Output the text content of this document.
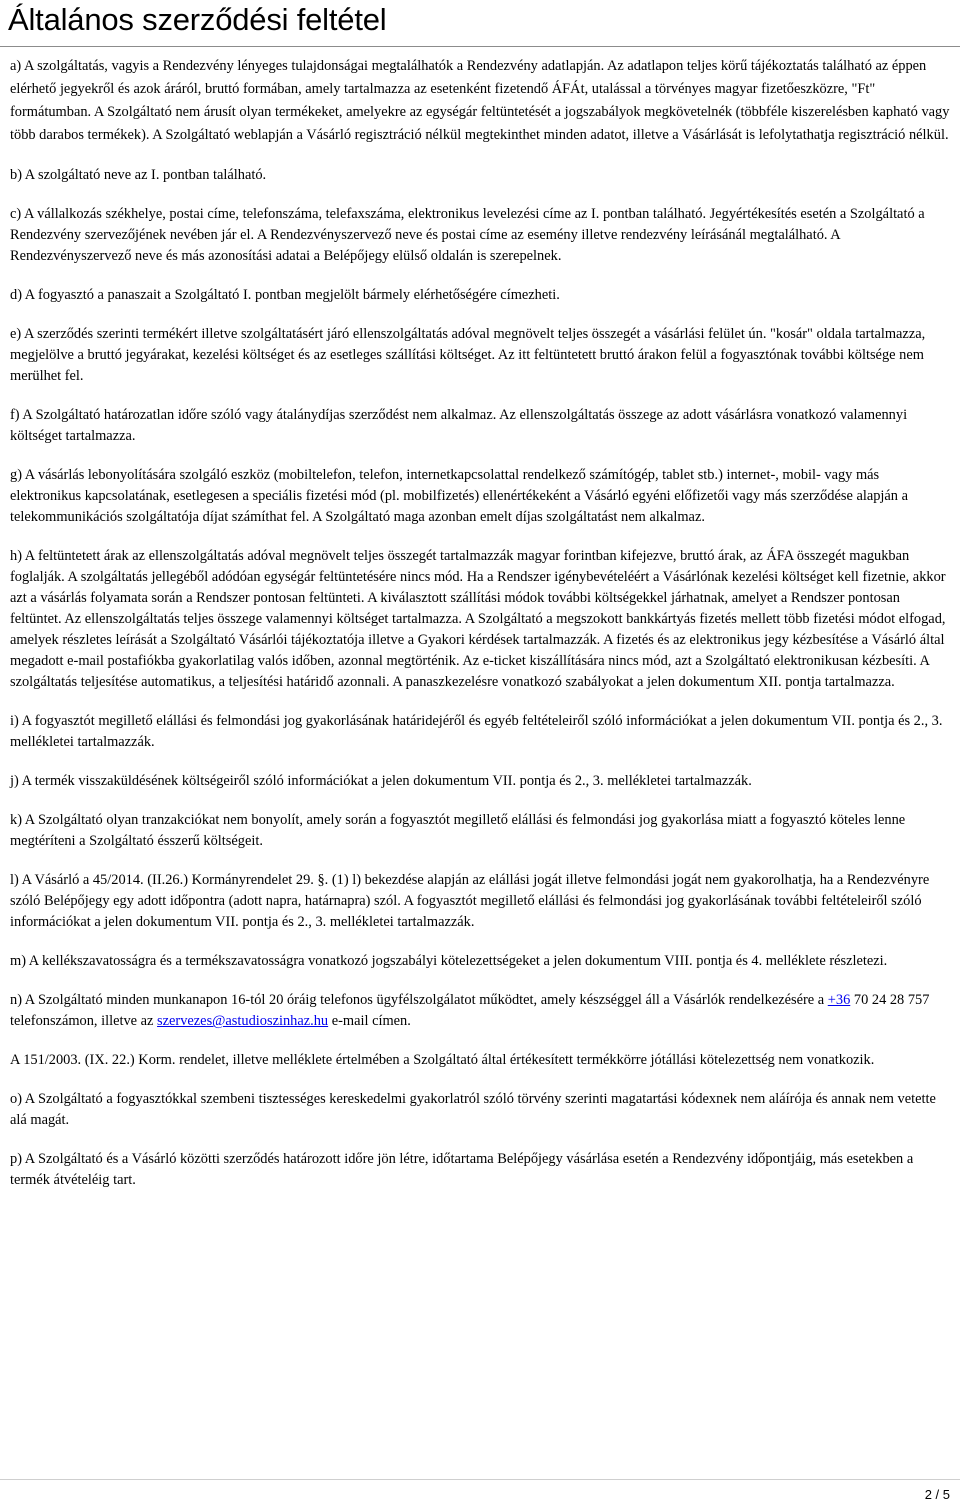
Általános szerződési feltétel

a) A szolgáltatás, vagyis a Rendezvény lényeges tulajdonságai megtalálhatók a Rendezvény adatlapján. Az adatlapon teljes körű tájékoztatás található az éppen elérhető jegyekről és azok áráról, bruttó formában, amely tartalmazza az esetenként fizetendő ÁFÁt, utalással a törvényes magyar fizetőeszközre, "Ft" formátumban. A Szolgáltató nem árusít olyan termékeket, amelyekre az egységár feltüntetését a jogszabályok megkövetelnék (többféle kiszerelésben kapható vagy több darabos termékek). A Szolgáltató weblapján a Vásárló regisztráció nélkül megtekinthet minden adatot, illetve a Vásárlását is lefolytathatja regisztráció nélkül.

b) A szolgáltató neve az I. pontban található.

c) A vállalkozás székhelye, postai címe, telefonszáma, telefaxszáma, elektronikus levelezési címe az I. pontban található. Jegyértékesítés esetén a Szolgáltató a Rendezvény szervezőjének nevében jár el. A Rendezvényszervező neve és postai címe az esemény illetve rendezvény leírásánál megtalálható. A Rendezvényszervező neve és más azonosítási adatai a Belépőjegy elülső oldalán is szerepelnek.

d) A fogyasztó a panaszait a Szolgáltató I. pontban megjelölt bármely elérhetőségére címezheti.

e) A szerződés szerinti termékért illetve szolgáltatásért járó ellenszolgáltatás adóval megnövelt teljes összegét a vásárlási felület ún. "kosár" oldala tartalmazza, megjelölve a bruttó jegyárakat, kezelési költséget és az esetleges szállítási költséget. Az itt feltüntetett bruttó árakon felül a fogyasztónak további költsége nem merülhet fel.

f) A Szolgáltató határozatlan időre szóló vagy átalánydíjas szerződést nem alkalmaz. Az ellenszolgáltatás összege az adott vásárlásra vonatkozó valamennyi költséget tartalmazza.

g) A vásárlás lebonyolítására szolgáló eszköz (mobiltelefon, telefon, internetkapcsolattal rendelkező számítógép, tablet stb.) internet-, mobil- vagy más elektronikus kapcsolatának, esetlegesen a speciális fizetési mód (pl. mobilfizetés) ellenértékeként a Vásárló egyéni előfizetői vagy más szerződése alapján a telekommunikációs szolgáltatója díjat számíthat fel. A Szolgáltató maga azonban emelt díjas szolgáltatást nem alkalmaz.

h) A feltüntetett árak az ellenszolgáltatás adóval megnövelt teljes összegét tartalmazzák magyar forintban kifejezve, bruttó árak, az ÁFA összegét magukban foglalják. A szolgáltatás jellegéből adódóan egységár feltüntetésére nincs mód. Ha a Rendszer igénybevételéért a Vásárlónak kezelési költséget kell fizetnie, akkor azt a vásárlás folyamata során a Rendszer pontosan feltünteti. A kiválasztott szállítási módok további költségekkel járhatnak, amelyet a Rendszer pontosan feltüntet. Az ellenszolgáltatás teljes összege valamennyi költséget tartalmazza. A Szolgáltató a megszokott bankkártyás fizetés mellett több fizetési módot elfogad, amelyek részletes leírását a Szolgáltató Vásárlói tájékoztatója illetve a Gyakori kérdések tartalmazzák. A fizetés és az elektronikus jegy kézbesítése a Vásárló által megadott e-mail postafiókba gyakorlatilag valós időben, azonnal megtörténik. Az e-ticket kiszállítására nincs mód, azt a Szolgáltató elektronikusan kézbesíti. A szolgáltatás teljesítése automatikus, a teljesítési határidő azonnali. A panaszkezelésre vonatkozó szabályokat a jelen dokumentum XII. pontja tartalmazza.

i) A fogyasztót megillető elállási és felmondási jog gyakorlásának határidejéről és egyéb feltételeiről szóló információkat a jelen dokumentum VII. pontja és 2., 3. mellékletei tartalmazzák.

j) A termék visszaküldésének költségeiről szóló információkat a jelen dokumentum VII. pontja és 2., 3. mellékletei tartalmazzák.

k) A Szolgáltató olyan tranzakciókat nem bonyolít, amely során a fogyasztót megillető elállási és felmondási jog gyakorlása miatt a fogyasztó köteles lenne megtéríteni a Szolgáltató ésszerű költségeit.

l) A Vásárló a 45/2014. (II.26.) Kormányrendelet 29. §. (1) l) bekezdése alapján az elállási jogát illetve felmondási jogát nem gyakorolhatja, ha a Rendezvényre szóló Belépőjegy egy adott időpontra (adott napra, határnapra) szól. A fogyasztót megillető elállási és felmondási jog gyakorlásának további feltételeiről szóló információkat a jelen dokumentum VII. pontja és 2., 3. mellékletei tartalmazzák.

m) A kellékszavatosságra és a termékszavatosságra vonatkozó jogszabályi kötelezettségeket a jelen dokumentum VIII. pontja és 4. melléklete részletezi.

n) A Szolgáltató minden munkanapon 16-tól 20 óráig telefonos ügyfélszolgálatot működtet, amely készséggel áll a Vásárlók rendelkezésére a +36 70 24 28 757 telefonszámon, illetve az szervezes@astudioszinhaz.hu e-mail címen.

A 151/2003. (IX. 22.) Korm. rendelet, illetve melléklete értelmében a Szolgáltató által értékesített termékkörre jótállási kötelezettség nem vonatkozik.

o) A Szolgáltató a fogyasztókkal szembeni tisztességes kereskedelmi gyakorlatról szóló törvény szerinti magatartási kódexnek nem aláírója és annak nem vetette alá magát.

p) A Szolgáltató és a Vásárló közötti szerződés határozott időre jön létre, időtartama Belépőjegy vásárlása esetén a Rendezvény időpontjáig, más esetekben a termék átvételéig tart.

2 / 5
